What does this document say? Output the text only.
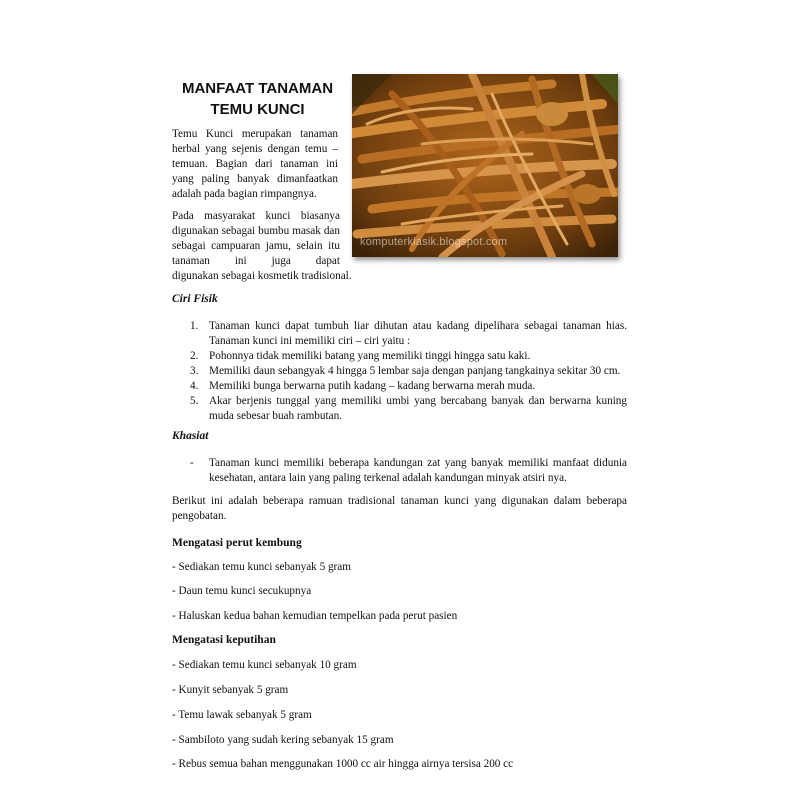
MANFAAT TANAMAN
TEMU KUNCI
komputerklasik.blogspot.com
Temu Kunci merupakan tanaman herbal yang sejenis dengan temu – temuan. Bagian dari tanaman ini yang paling banyak dimanfaatkan adalah pada bagian rimpangnya.
Pada masyarakat kunci biasanya digunakan sebagai bumbu masak dan sebagai campuaran jamu, selain itu tanaman ini juga dapat digunakan sebagai kosmetik tradisional.
Ciri Fisik
1. Tanaman kunci dapat tumbuh liar dihutan atau kadang dipelihara sebagai tanaman hias. Tanaman kunci ini memiliki ciri – ciri yaitu :
2. Pohonnya tidak memiliki batang yang memiliki tinggi hingga satu kaki.
3. Memiliki daun sebangyak 4 hingga 5 lembar saja dengan panjang tangkainya sekitar 30 cm.
4. Memiliki bunga berwarna putih kadang – kadang berwarna merah muda.
5. Akar berjenis tunggal yang memiliki umbi yang bercabang banyak dan berwarna kuning muda sebesar buah rambutan.
Khasiat
-	Tanaman kunci memiliki beberapa kandungan zat yang banyak memiliki manfaat didunia kesehatan, antara lain yang paling terkenal adalah kandungan minyak atsiri nya.
Berikut ini adalah beberapa ramuan tradisional tanaman kunci yang digunakan dalam beberapa pengobatan.
Mengatasi perut kembung
- Sediakan temu kunci sebanyak 5 gram
- Daun temu kunci secukupnya
- Haluskan kedua bahan kemudian tempelkan pada perut pasien
Mengatasi keputihan
- Sediakan temu kunci sebanyak 10 gram
- Kunyit sebanyak 5 gram
- Temu lawak sebanyak 5 gram
- Sambiloto yang sudah kering sebanyak 15 gram
- Rebus semua bahan menggunakan 1000 cc air hingga airnya tersisa 200 cc
